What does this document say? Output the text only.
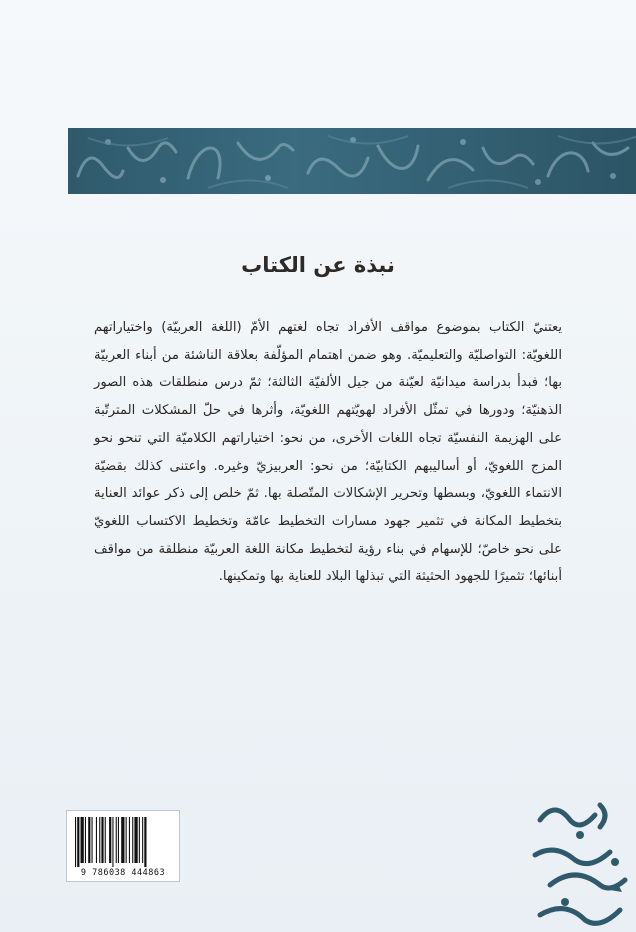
نبذة عن الكتاب

يعتنيّ الكتاب بموضوع مواقف الأفراد تجاه لغتهم الأمّ (اللغة العربيّة) واختياراتهم اللغويّة: التواصليّة والتعليميّة. وهو ضمن اهتمام المؤلّفة بعلاقة الناشئة من أبناء العربيّة بها؛ فبدأ بدراسة ميدانيّة لعيّنة من جيل الألفيّة الثالثة؛ ثمّ درس منطلقات هذه الصور الذهنيّة؛ ودورها في تمثّل الأفراد لهويّتهم اللغويّة، وأثرها في حلّ المشكلات المترتّبة على الهزيمة النفسيّة تجاه اللغات الأخرى، من نحو: اختياراتهم الكلاميّة التي تنحو نحو المزج اللغويّ، أو أساليبهم الكتابيّة؛ من نحو: العربيزيّ وغيره. واعتنى كذلك بقضيّة الانتماء اللغويّ، وبسطها وتحرير الإشكالات المتّصلة بها. ثمّ خلص إلى ذكر عوائد العناية بتخطيط المكانة في تثمير جهود مسارات التخطيط عامّة وتخطيط الاكتساب اللغويّ على نحو خاصّ؛ للإسهام في بناء رؤية لتخطيط مكانة اللغة العربيّة منطلقة من مواقف أبنائها؛ تثميرًا للجهود الحثيثة التي تبذلها البلاد للعناية بها وتمكينها.

9 786038 444863
